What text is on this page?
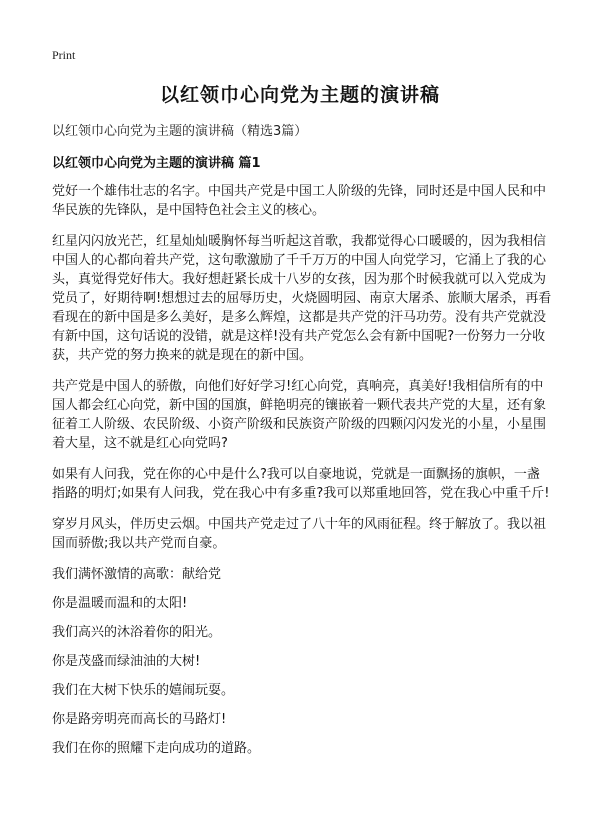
Print
以红领巾心向党为主题的演讲稿
以红领巾心向党为主题的演讲稿（精选3篇）
以红领巾心向党为主题的演讲稿 篇1

党好一个雄伟壮志的名字。中国共产党是中国工人阶级的先锋，同时还是中国人民和中华民族的先锋队，是中国特色社会主义的核心。

红星闪闪放光芒，红星灿灿暖胸怀每当听起这首歌，我都觉得心口暖暖的，因为我相信中国人的心都向着共产党，这句歌激励了千千万万的中国人向党学习，它涌上了我的心头，真觉得党好伟大。我好想赶紧长成十八岁的女孩，因为那个时候我就可以入党成为党员了，好期待啊!想想过去的屈辱历史，火烧圆明园、南京大屠杀、旅顺大屠杀，再看看现在的新中国是多么美好，是多么辉煌，这都是共产党的汗马功劳。没有共产党就没有新中国，这句话说的没错，就是这样!没有共产党怎么会有新中国呢?一份努力一分收获，共产党的努力换来的就是现在的新中国。

共产党是中国人的骄傲，向他们好好学习!红心向党，真响亮，真美好!我相信所有的中国人都会红心向党，新中国的国旗，鲜艳明亮的镶嵌着一颗代表共产党的大星，还有象征着工人阶级、农民阶级、小资产阶级和民族资产阶级的四颗闪闪发光的小星，小星围着大星，这不就是红心向党吗?

如果有人问我，党在你的心中是什么?我可以自豪地说，党就是一面飘扬的旗帜，一盏指路的明灯;如果有人问我，党在我心中有多重?我可以郑重地回答，党在我心中重千斤!

穿岁月风头，伴历史云烟。中国共产党走过了八十年的风雨征程。终于解放了。我以祖国而骄傲;我以共产党而自豪。

我们满怀激情的高歌：献给党

你是温暖而温和的太阳!

我们高兴的沐浴着你的阳光。

你是茂盛而绿油油的大树!

我们在大树下快乐的嬉闹玩耍。

你是路旁明亮而高长的马路灯!

我们在你的照耀下走向成功的道路。
